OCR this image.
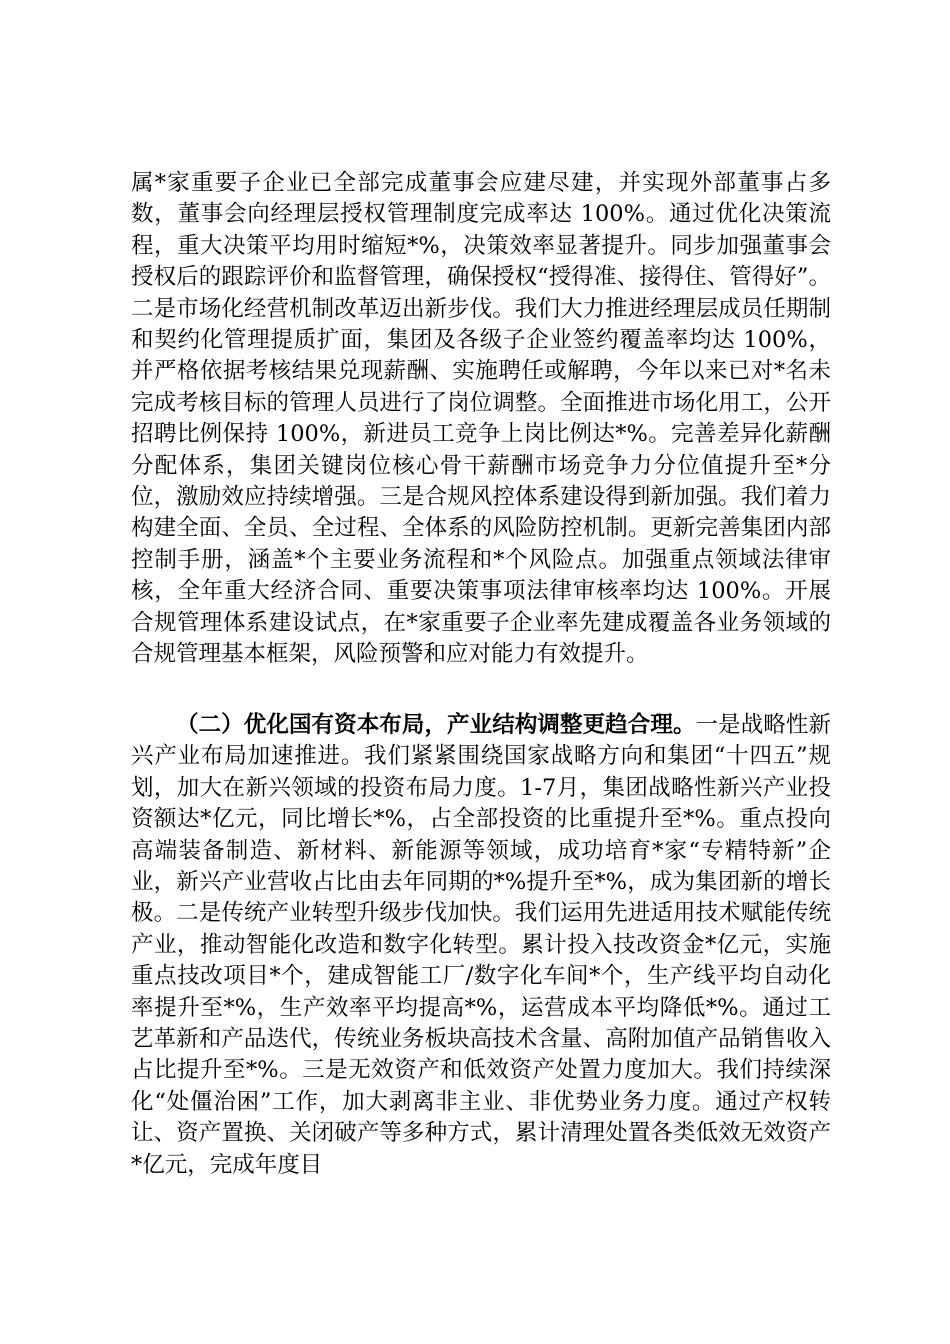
属*家重要子企业已全部完成董事会应建尽建，并实现外部董事占多数，董事会向经理层授权管理制度完成率达 100%。通过优化决策流程，重大决策平均用时缩短*%，决策效率显著提升。同步加强董事会授权后的跟踪评价和监督管理，确保授权“授得准、接得住、管得好”。二是市场化经营机制改革迈出新步伐。我们大力推进经理层成员任期制和契约化管理提质扩面，集团及各级子企业签约覆盖率均达 100%，并严格依据考核结果兑现薪酬、实施聘任或解聘，今年以来已对*名未完成考核目标的管理人员进行了岗位调整。全面推进市场化用工，公开招聘比例保持 100%，新进员工竞争上岗比例达*%。完善差异化薪酬分配体系，集团关键岗位核心骨干薪酬市场竞争力分位值提升至*分位，激励效应持续增强。三是合规风控体系建设得到新加强。我们着力构建全面、全员、全过程、全体系的风险防控机制。更新完善集团内部控制手册，涵盖*个主要业务流程和*个风险点。加强重点领域法律审核，全年重大经济合同、重要决策事项法律审核率均达 100%。开展合规管理体系建设试点，在*家重要子企业率先建成覆盖各业务领域的合规管理基本框架，风险预警和应对能力有效提升。
（二）优化国有资本布局，产业结构调整更趋合理。一是战略性新兴产业布局加速推进。我们紧紧围绕国家战略方向和集团“十四五”规划，加大在新兴领域的投资布局力度。1-7月，集团战略性新兴产业投资额达*亿元，同比增长*%，占全部投资的比重提升至*%。重点投向高端装备制造、新材料、新能源等领域，成功培育*家“专精特新”企业，新兴产业营收占比由去年同期的*%提升至*%，成为集团新的增长极。二是传统产业转型升级步伐加快。我们运用先进适用技术赋能传统产业，推动智能化改造和数字化转型。累计投入技改资金*亿元，实施重点技改项目*个，建成智能工厂/数字化车间*个，生产线平均自动化率提升至*%，生产效率平均提高*%，运营成本平均降低*%。通过工艺革新和产品迭代，传统业务板块高技术含量、高附加值产品销售收入占比提升至*%。三是无效资产和低效资产处置力度加大。我们持续深化“处僵治困”工作，加大剥离非主业、非优势业务力度。通过产权转让、资产置换、关闭破产等多种方式，累计清理处置各类低效无效资产*亿元，完成年度目
